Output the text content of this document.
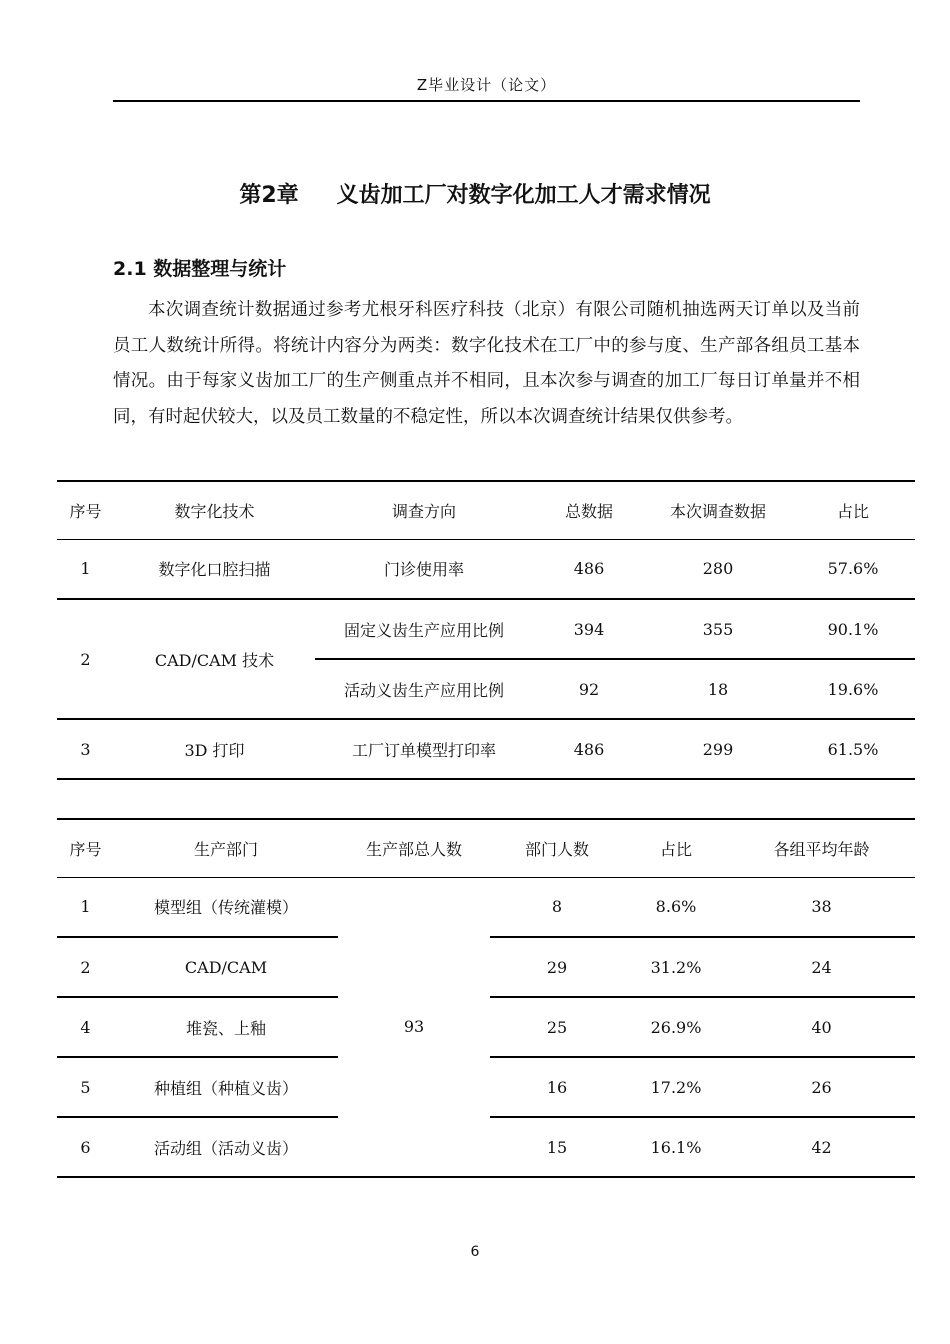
Z毕业设计（论文）
第2章 义齿加工厂对数字化加工人才需求情况
2.1 数据整理与统计

本次调查统计数据通过参考尤根牙科医疗科技（北京）有限公司随机抽选两天订单以及当前员工人数统计所得。将统计内容分为两类：数字化技术在工厂中的参与度、生产部各组员工基本情况。由于每家义齿加工厂的生产侧重点并不相同，且本次参与调查的加工厂每日订单量并不相同，有时起伏较大，以及员工数量的不稳定性，所以本次调查统计结果仅供参考。

序号	数字化技术	调查方向	总数据	本次调查数据	占比
1	数字化口腔扫描	门诊使用率	486	280	57.6%
2	CAD/CAM 技术	固定义齿生产应用比例	394	355	90.1%
		活动义齿生产应用比例	92	18	19.6%
3	3D 打印	工厂订单模型打印率	486	299	61.5%
序号	生产部门	生产部总人数	部门人数	占比	各组平均年龄
1	模型组（传统灌模）	93	8	8.6%	38
2	CAD/CAM		29	31.2%	24
4	堆瓷、上釉		25	26.9%	40
5	种植组（种植义齿）		16	17.2%	26
6	活动组（活动义齿）		15	16.1%	42
6
